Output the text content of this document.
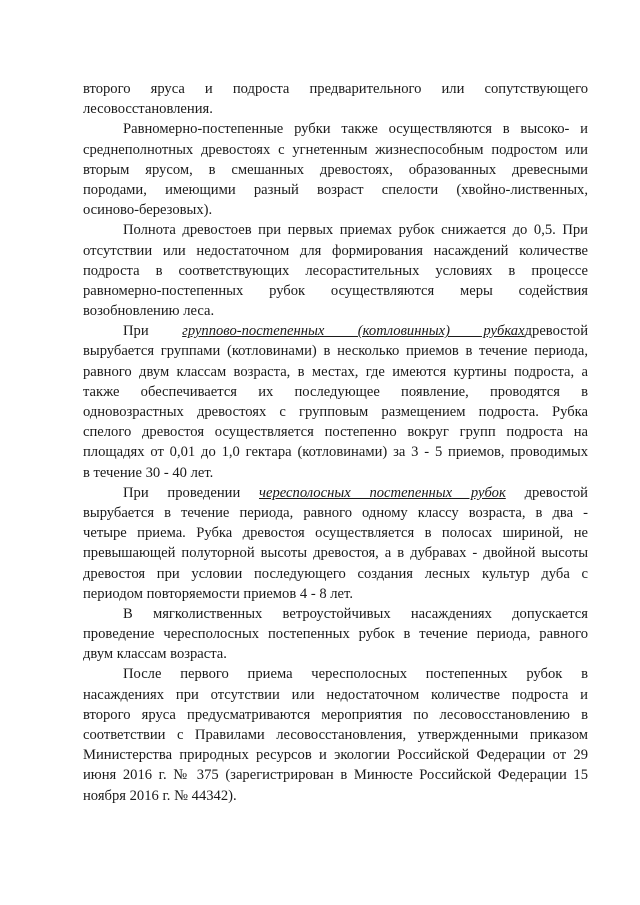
второго яруса и подроста предварительного или сопутствующего
лесовосстановления.
Равномерно-постепенные рубки также осуществляются в высоко- и
среднеполнотных древостоях с угнетенным жизнеспособным подростом или
вторым ярусом, в смешанных древостоях, образованных древесными
породами, имеющими разный возраст спелости (хвойно-лиственных,
осиново-березовых).
Полнота древостоев при первых приемах рубок снижается до 0,5. При
отсутствии или недостаточном для формирования насаждений количестве
подроста в соответствующих лесорастительных условиях в процессе
равномерно-постепенных рубок осуществляются меры содействия
возобновлению леса.
При группово-постепенных (котловинных) рубкахдревостой
вырубается группами (котловинами) в несколько приемов в течение периода,
равного двум классам возраста, в местах, где имеются куртины подроста, а
также обеспечивается их последующее появление, проводятся в
одновозрастных древостоях с групповым размещением подроста. Рубка
спелого древостоя осуществляется постепенно вокруг групп подроста на
площадях от 0,01 до 1,0 гектара (котловинами) за 3 - 5 приемов, проводимых
в течение 30 - 40 лет.
При проведении чересполосных постепенных рубок древостой
вырубается в течение периода, равного одному классу возраста, в два -
четыре приема. Рубка древостоя осуществляется в полосах шириной, не
превышающей полуторной высоты древостоя, а в дубравах - двойной высоты
древостоя при условии последующего создания лесных культур дуба с
периодом повторяемости приемов 4 - 8 лет.
В мягколиственных ветроустойчивых насаждениях допускается
проведение чересполосных постепенных рубок в течение периода, равного
двум классам возраста.
После первого приема чересполосных постепенных рубок в
насаждениях при отсутствии или недостаточном количестве подроста и
второго яруса предусматриваются мероприятия по лесовосстановлению в
соответствии с Правилами лесовосстановления, утвержденными приказом
Министерства природных ресурсов и экологии Российской Федерации от 29
июня 2016 г. № 375 (зарегистрирован в Минюсте Российской Федерации 15
ноября 2016 г. № 44342).
